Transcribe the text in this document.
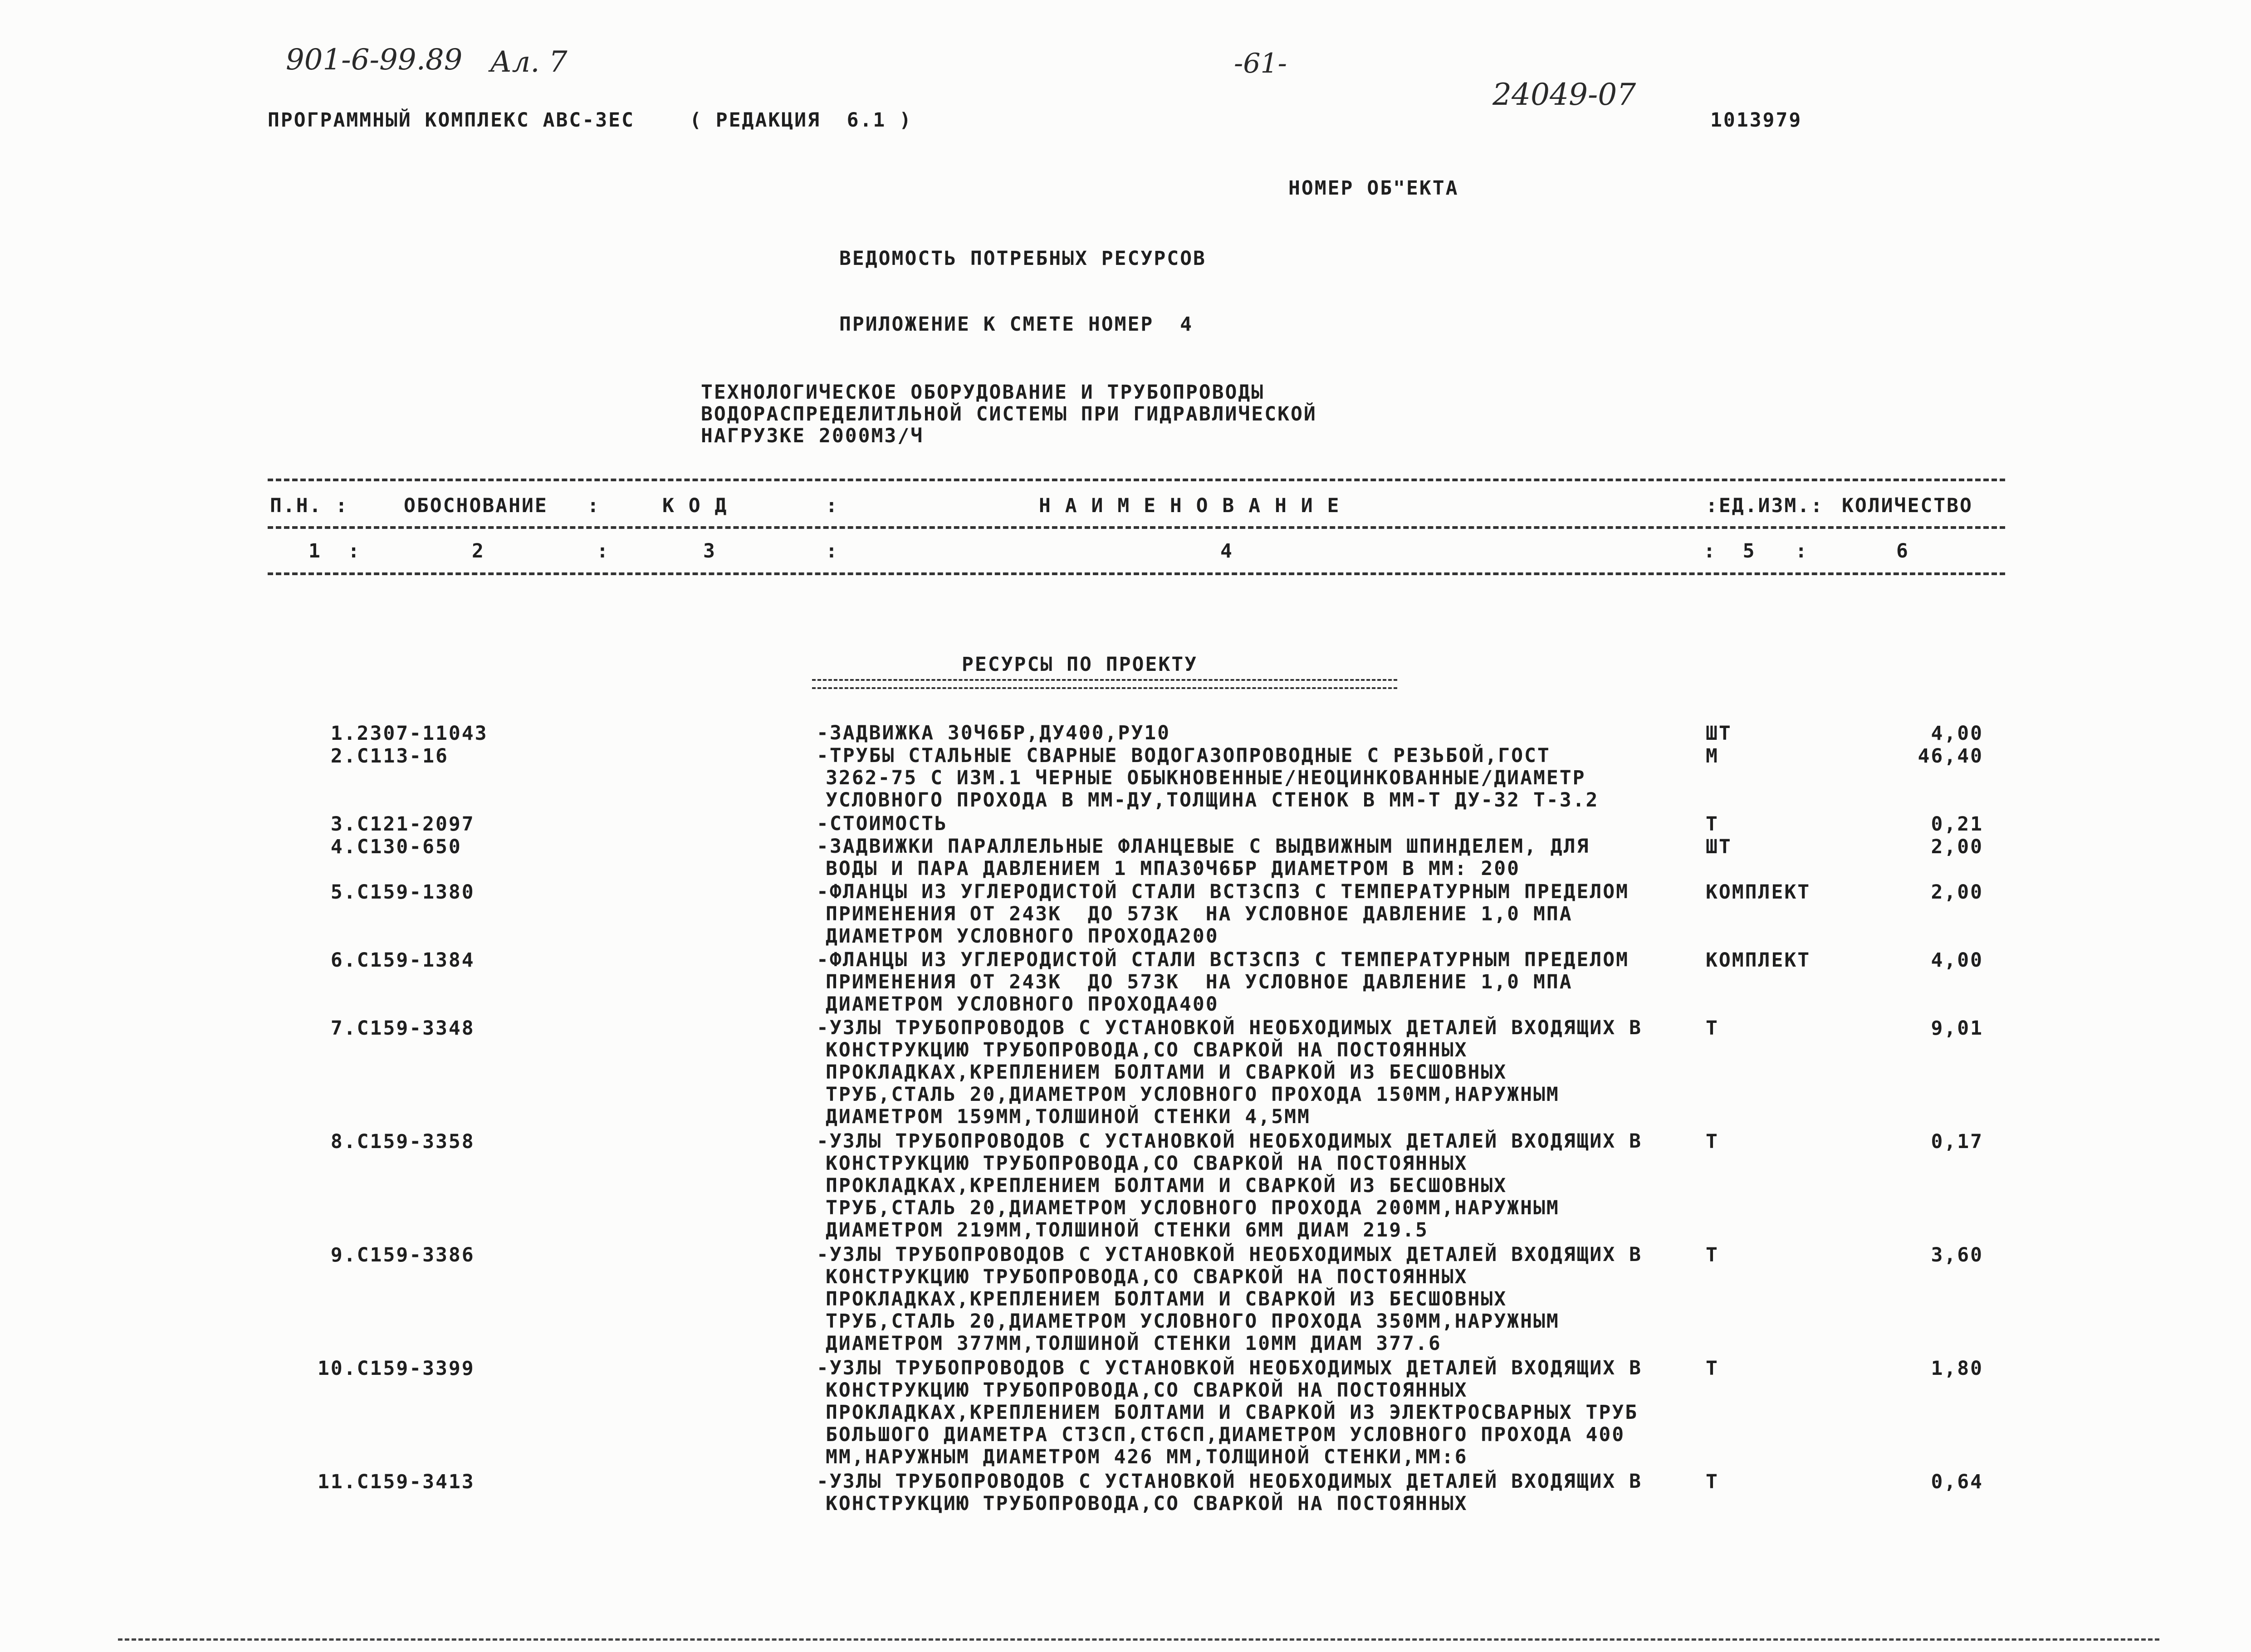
901-6-99.89 Ал. 7	-61-
24049-07
ПРОГРАММНЫЙ КОМПЛЕКС АВС-ЗЕС	( РЕДАКЦИЯ  6.1 )	1013979
НОМЕР ОБ"ЕКТА
ВЕДОМОСТЬ ПОТРЕБНЫХ РЕСУРСОВ
ПРИЛОЖЕНИЕ К СМЕТЕ НОМЕР  4
ТЕХНОЛОГИЧЕСКОЕ ОБОРУДОВАНИЕ И ТРУБОПРОВОДЫ
ВОДОРАСПРЕДЕЛИТЛЬНОЙ СИСТЕМЫ ПРИ ГИДРАВЛИЧЕСКОЙ
НАГРУЗКЕ 2000М3/Ч
П.Н. :	ОБОСНОВАНИЕ   :	К О Д	:	Н А И М Е Н О В А Н И Е	:ЕД.ИЗМ.: КОЛИЧЕСТВО
1  :	2	:	3	:	4	:  5   :	6
РЕСУРСЫ ПО ПРОЕКТУ
1.2307-11043	-ЗАДВИЖКА 30Ч6БР,ДУ400,РУ10	ШТ	4,00
2.С113-16	-ТРУБЫ СТАЛЬНЫЕ СВАРНЫЕ ВОДОГАЗОПРОВОДНЫЕ С РЕЗЬБОЙ,ГОСТ
3262-75 С ИЗМ.1 ЧЕРНЫЕ ОБЫКНОВЕННЫЕ/НЕОЦИНКОВАННЫЕ/ДИАМЕТР
УСЛОВНОГО ПРОХОДА В ММ-ДУ,ТОЛЩИНА СТЕНОК В ММ-Т ДУ-32 Т-3.2
М	46,40
3.С121-2097	-СТОИМОСТЬ	Т	0,21
4.С130-650	-ЗАДВИЖКИ ПАРАЛЛЕЛЬНЫЕ ФЛАНЦЕВЫЕ С ВЫДВИЖНЫМ ШПИНДЕЛЕМ, ДЛЯ
ВОДЫ И ПАРА ДАВЛЕНИЕМ 1 МПА30Ч6БР ДИАМЕТРОМ В ММ: 200
ШТ	2,00
5.С159-1380	-ФЛАНЦЫ ИЗ УГЛЕРОДИСТОЙ СТАЛИ ВСТ3СП3 С ТЕМПЕРАТУРНЫМ ПРЕДЕЛОМ
ПРИМЕНЕНИЯ ОТ 243К  ДО 573К  НА УСЛОВНОЕ ДАВЛЕНИЕ 1,0 МПА
ДИАМЕТРОМ УСЛОВНОГО ПРОХОДА200
КОМПЛЕКТ	2,00
6.С159-1384	-ФЛАНЦЫ ИЗ УГЛЕРОДИСТОЙ СТАЛИ ВСТ3СП3 С ТЕМПЕРАТУРНЫМ ПРЕДЕЛОМ
ПРИМЕНЕНИЯ ОТ 243К  ДО 573К  НА УСЛОВНОЕ ДАВЛЕНИЕ 1,0 МПА
ДИАМЕТРОМ УСЛОВНОГО ПРОХОДА400
КОМПЛЕКТ	4,00
7.С159-3348	-УЗЛЫ ТРУБОПРОВОДОВ С УСТАНОВКОЙ НЕОБХОДИМЫХ ДЕТАЛЕЙ ВХОДЯЩИХ В
КОНСТРУКЦИЮ ТРУБОПРОВОДА,СО СВАРКОЙ НА ПОСТОЯННЫХ
ПРОКЛАДКАХ,КРЕПЛЕНИЕМ БОЛТАМИ И СВАРКОЙ ИЗ БЕСШОВНЫХ
ТРУБ,СТАЛЬ 20,ДИАМЕТРОМ УСЛОВНОГО ПРОХОДА 150ММ,НАРУЖНЫМ
ДИАМЕТРОМ 159ММ,ТОЛШИНОЙ СТЕНКИ 4,5ММ
Т	9,01
8.С159-3358	-УЗЛЫ ТРУБОПРОВОДОВ С УСТАНОВКОЙ НЕОБХОДИМЫХ ДЕТАЛЕЙ ВХОДЯЩИХ В
КОНСТРУКЦИЮ ТРУБОПРОВОДА,СО СВАРКОЙ НА ПОСТОЯННЫХ
ПРОКЛАДКАХ,КРЕПЛЕНИЕМ БОЛТАМИ И СВАРКОЙ ИЗ БЕСШОВНЫХ
ТРУБ,СТАЛЬ 20,ДИАМЕТРОМ УСЛОВНОГО ПРОХОДА 200ММ,НАРУЖНЫМ
ДИАМЕТРОМ 219ММ,ТОЛШИНОЙ СТЕНКИ 6ММ ДИАМ 219.5
Т	0,17
9.С159-3386	-УЗЛЫ ТРУБОПРОВОДОВ С УСТАНОВКОЙ НЕОБХОДИМЫХ ДЕТАЛЕЙ ВХОДЯЩИХ В
КОНСТРУКЦИЮ ТРУБОПРОВОДА,СО СВАРКОЙ НА ПОСТОЯННЫХ
ПРОКЛАДКАХ,КРЕПЛЕНИЕМ БОЛТАМИ И СВАРКОЙ ИЗ БЕСШОВНЫХ
ТРУБ,СТАЛЬ 20,ДИАМЕТРОМ УСЛОВНОГО ПРОХОДА 350ММ,НАРУЖНЫМ
ДИАМЕТРОМ 377ММ,ТОЛШИНОЙ СТЕНКИ 10ММ ДИАМ 377.6
Т	3,60
10.С159-3399	-УЗЛЫ ТРУБОПРОВОДОВ С УСТАНОВКОЙ НЕОБХОДИМЫХ ДЕТАЛЕЙ ВХОДЯЩИХ В
КОНСТРУКЦИЮ ТРУБОПРОВОДА,СО СВАРКОЙ НА ПОСТОЯННЫХ
ПРОКЛАДКАХ,КРЕПЛЕНИЕМ БОЛТАМИ И СВАРКОЙ ИЗ ЭЛЕКТРОСВАРНЫХ ТРУБ
БОЛЬШОГО ДИАМЕТРА СТ3СП,СТ6СП,ДИАМЕТРОМ УСЛОВНОГО ПРОХОДА 400
ММ,НАРУЖНЫМ ДИАМЕТРОМ 426 ММ,ТОЛЩИНОЙ СТЕНКИ,ММ:6
Т	1,80
11.С159-3413	-УЗЛЫ ТРУБОПРОВОДОВ С УСТАНОВКОЙ НЕОБХОДИМЫХ ДЕТАЛЕЙ ВХОДЯЩИХ В
КОНСТРУКЦИЮ ТРУБОПРОВОДА,СО СВАРКОЙ НА ПОСТОЯННЫХ
Т	0,64
